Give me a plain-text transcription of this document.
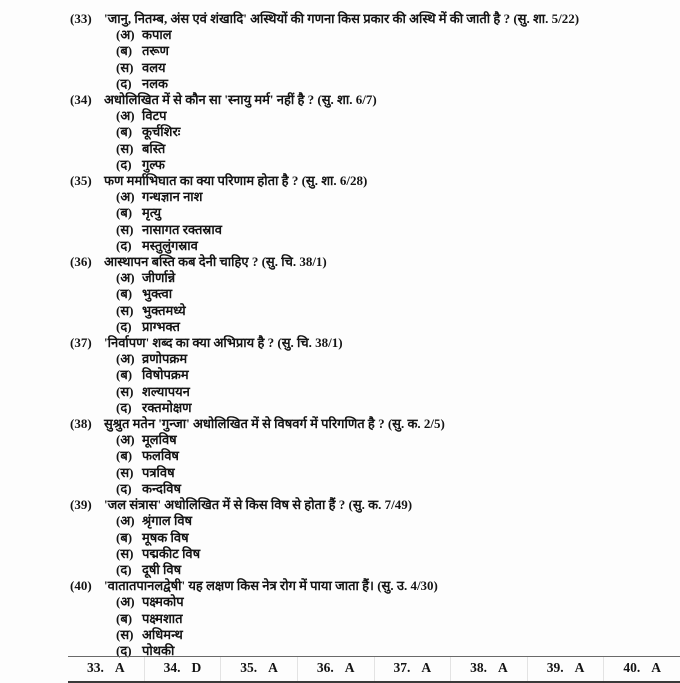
(33) 'जानु, नितम्ब, अंस एवं शंखादि' अस्थियों की गणना किस प्रकार की अस्थि में की जाती है ? (सु. शा. 5/22)
(अ) कपाल
(ब) तरूण
(स) वलय
(द) नलक
(34) अधोलिखित में से कौन सा 'स्नायु मर्म' नहीं है ? (सु. शा. 6/7)
(अ) विटप
(ब) कूर्चशिरः
(स) बस्ति
(द) गुल्फ
(35) फण मर्माभिघात का क्या परिणाम होता है ? (सु. शा. 6/28)
(अ) गन्धज्ञान नाश
(ब) मृत्यु
(स) नासागत रक्तस्राव
(द) मस्तुलुंगस्राव
(36) आस्थापन बस्ति कब देनी चाहिए ? (सु. चि. 38/1)
(अ) जीर्णान्ने
(ब) भुक्त्वा
(स) भुक्तमध्ये
(द) प्राग्भक्त
(37) 'निर्वापण' शब्द का क्या अभिप्राय है ? (सु. चि. 38/1)
(अ) व्रणोपक्रम
(ब) विषोपक्रम
(स) शल्यापयन
(द) रक्तमोक्षण
(38) सुश्रुत मतेन 'गुन्जा' अधोलिखित में से विषवर्ग में परिगणित है ? (सु. क. 2/5)
(अ) मूलविष
(ब) फलविष
(स) पत्रविष
(द) कन्दविष
(39) 'जल संत्रास' अधोलिखित में से किस विष से होता हैं ? (सु. क. 7/49)
(अ) श्रृंगाल विष
(ब) मूषक विष
(स) पद्मकीट विष
(द) दूषी विष
(40) 'वातातपानलद्वेषी' यह लक्षण किस नेत्र रोग में पाया जाता हैं। (सु. उ. 4/30)
(अ) पक्ष्मकोप
(ब) पक्ष्मशात
(स) अधिमन्थ
(द) पोथकी
33. A	34. D	35. A	36. A	37. A	38. A	39. A	40. A
